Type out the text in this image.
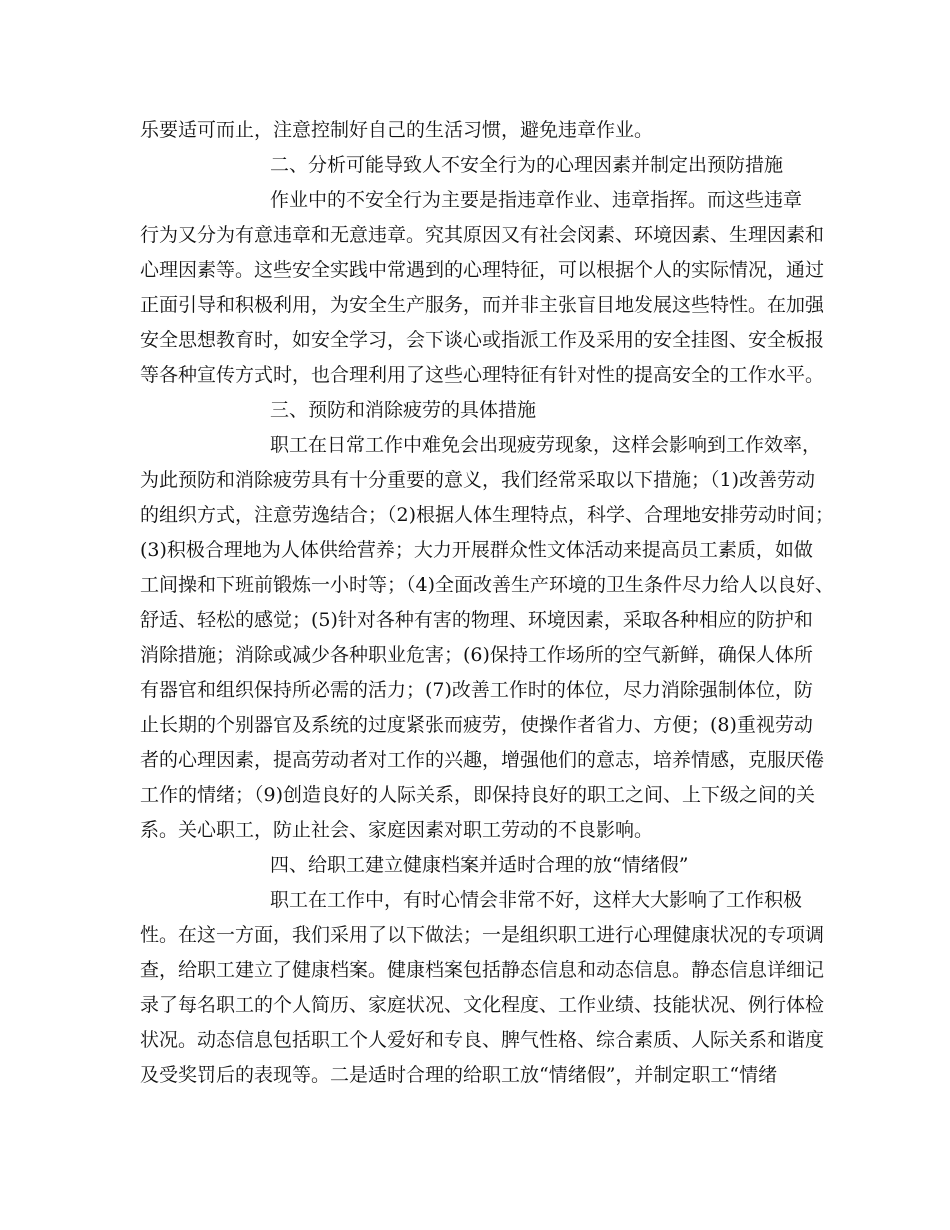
乐要适可而止，注意控制好自己的生活习惯，避免违章作业。
二、分析可能导致人不安全行为的心理因素并制定出预防措施
作业中的不安全行为主要是指违章作业、违章指挥。而这些违章
行为又分为有意违章和无意违章。究其原因又有社会闵素、环境因素、生理因素和
心理因素等。这些安全实践中常遇到的心理特征，可以根据个人的实际情况，通过
正面引导和积极利用，为安全生产服务，而并非主张盲目地发展这些特性。在加强
安全思想教育时，如安全学习，会下谈心或指派工作及采用的安全挂图、安全板报
等各种宣传方式时，也合理利用了这些心理特征有针对性的提高安全的工作水平。
三、预防和消除疲劳的具体措施
职工在日常工作中难免会出现疲劳现象，这样会影响到工作效率，
为此预防和消除疲劳具有十分重要的意义，我们经常采取以下措施；（1)改善劳动
的组织方式，注意劳逸结合；（2)根据人体生理特点，科学、合理地安排劳动时间；
(3)积极合理地为人体供给营养；大力开展群众性文体活动来提高员工素质，如做
工间操和下班前锻炼一小时等；（4)全面改善生产环境的卫生条件尽力给人以良好、
舒适、轻松的感觉；(5)针对各种有害的物理、环境因素，采取各种相应的防护和
消除措施；消除或减少各种职业危害；(6)保持工作场所的空气新鲜，确保人体所
有器官和组织保持所必需的活力；(7)改善工作时的体位，尽力消除强制体位，防
止长期的个别器官及系统的过度紧张而疲劳，使操作者省力、方便；(8)重视劳动
者的心理因素，提高劳动者对工作的兴趣，增强他们的意志，培养情感，克服厌倦
工作的情绪；（9)创造良好的人际关系，即保持良好的职工之间、上下级之间的关
系。关心职工，防止社会、家庭因素对职工劳动的不良影响。
四、给职工建立健康档案并适时合理的放“情绪假”
职工在工作中，有时心情会非常不好，这样大大影响了工作积极
性。在这一方面，我们采用了以下做法；一是组织职工进行心理健康状况的专项调
查，给职工建立了健康档案。健康档案包括静态信息和动态信息。静态信息详细记
录了每名职工的个人简历、家庭状况、文化程度、工作业绩、技能状况、例行体检
状况。动态信息包括职工个人爱好和专良、脾气性格、综合素质、人际关系和谐度
及受奖罚后的表现等。二是适时合理的给职工放“情绪假”，并制定职工“情绪
